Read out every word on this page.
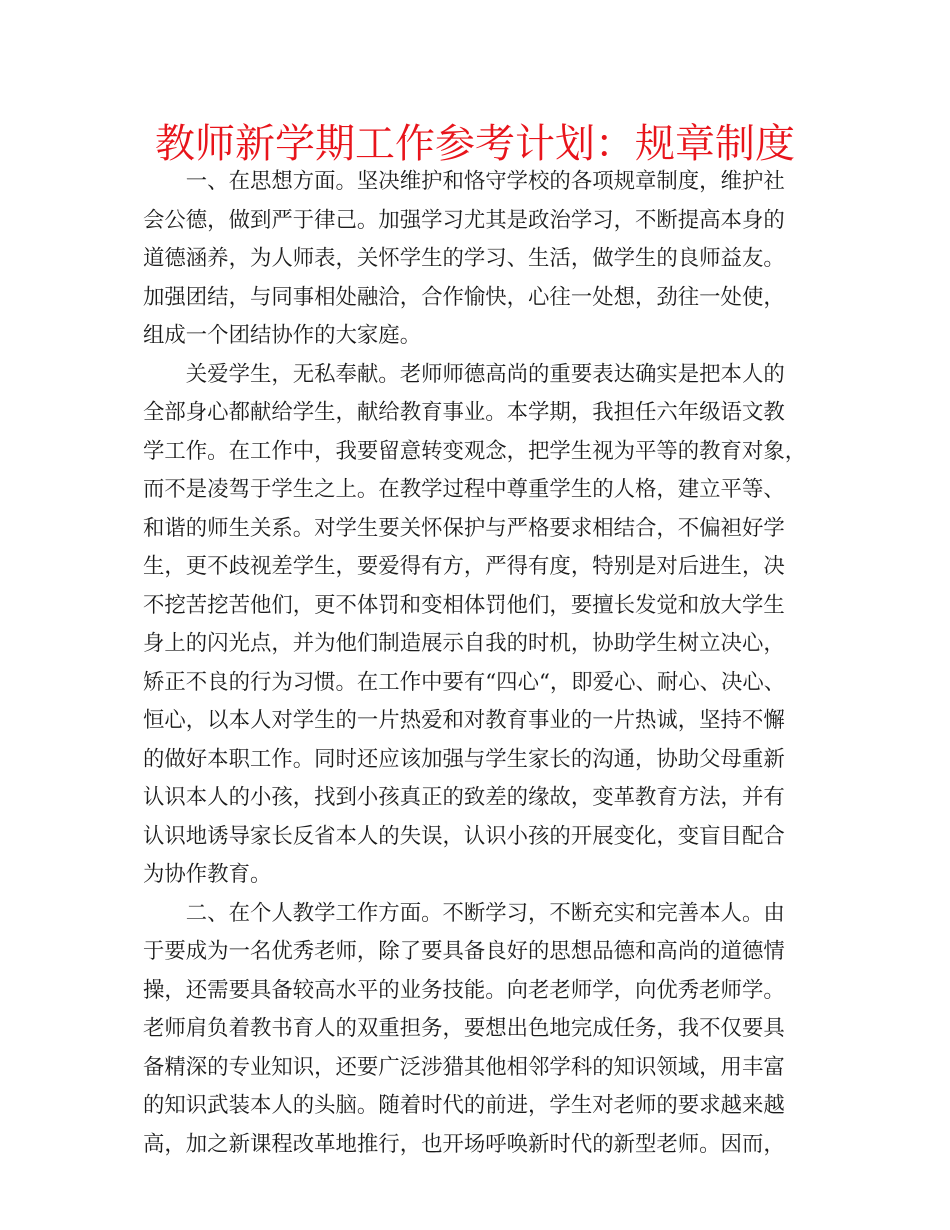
教师新学期工作参考计划：规章制度
　　一、在思想方面。坚决维护和恪守学校的各项规章制度，维护社
会公德，做到严于律己。加强学习尤其是政治学习，不断提高本身的
道德涵养，为人师表，关怀学生的学习、生活，做学生的良师益友。
加强团结，与同事相处融洽，合作愉快，心往一处想，劲往一处使，
组成一个团结协作的大家庭。
　　关爱学生，无私奉献。老师师德高尚的重要表达确实是把本人的
全部身心都献给学生，献给教育事业。本学期，我担任六年级语文教
学工作。在工作中，我要留意转变观念，把学生视为平等的教育对象，
而不是凌驾于学生之上。在教学过程中尊重学生的人格，建立平等、
和谐的师生关系。对学生要关怀保护与严格要求相结合，不偏袒好学
生，更不歧视差学生，要爱得有方，严得有度，特别是对后进生，决
不挖苦挖苦他们，更不体罚和变相体罚他们，要擅长发觉和放大学生
身上的闪光点，并为他们制造展示自我的时机，协助学生树立决心，
矫正不良的行为习惯。在工作中要有“四心“，即爱心、耐心、决心、
恒心，以本人对学生的一片热爱和对教育事业的一片热诚，坚持不懈
的做好本职工作。同时还应该加强与学生家长的沟通，协助父母重新
认识本人的小孩，找到小孩真正的致差的缘故，变革教育方法，并有
认识地诱导家长反省本人的失误，认识小孩的开展变化，变盲目配合
为协作教育。
　　二、在个人教学工作方面。不断学习，不断充实和完善本人。由
于要成为一名优秀老师，除了要具备良好的思想品德和高尚的道德情
操，还需要具备较高水平的业务技能。向老老师学，向优秀老师学。
老师肩负着教书育人的双重担务，要想出色地完成任务，我不仅要具
备精深的专业知识，还要广泛涉猎其他相邻学科的知识领域，用丰富
的知识武装本人的头脑。随着时代的前进，学生对老师的要求越来越
高，加之新课程改革地推行，也开场呼唤新时代的新型老师。因而，
